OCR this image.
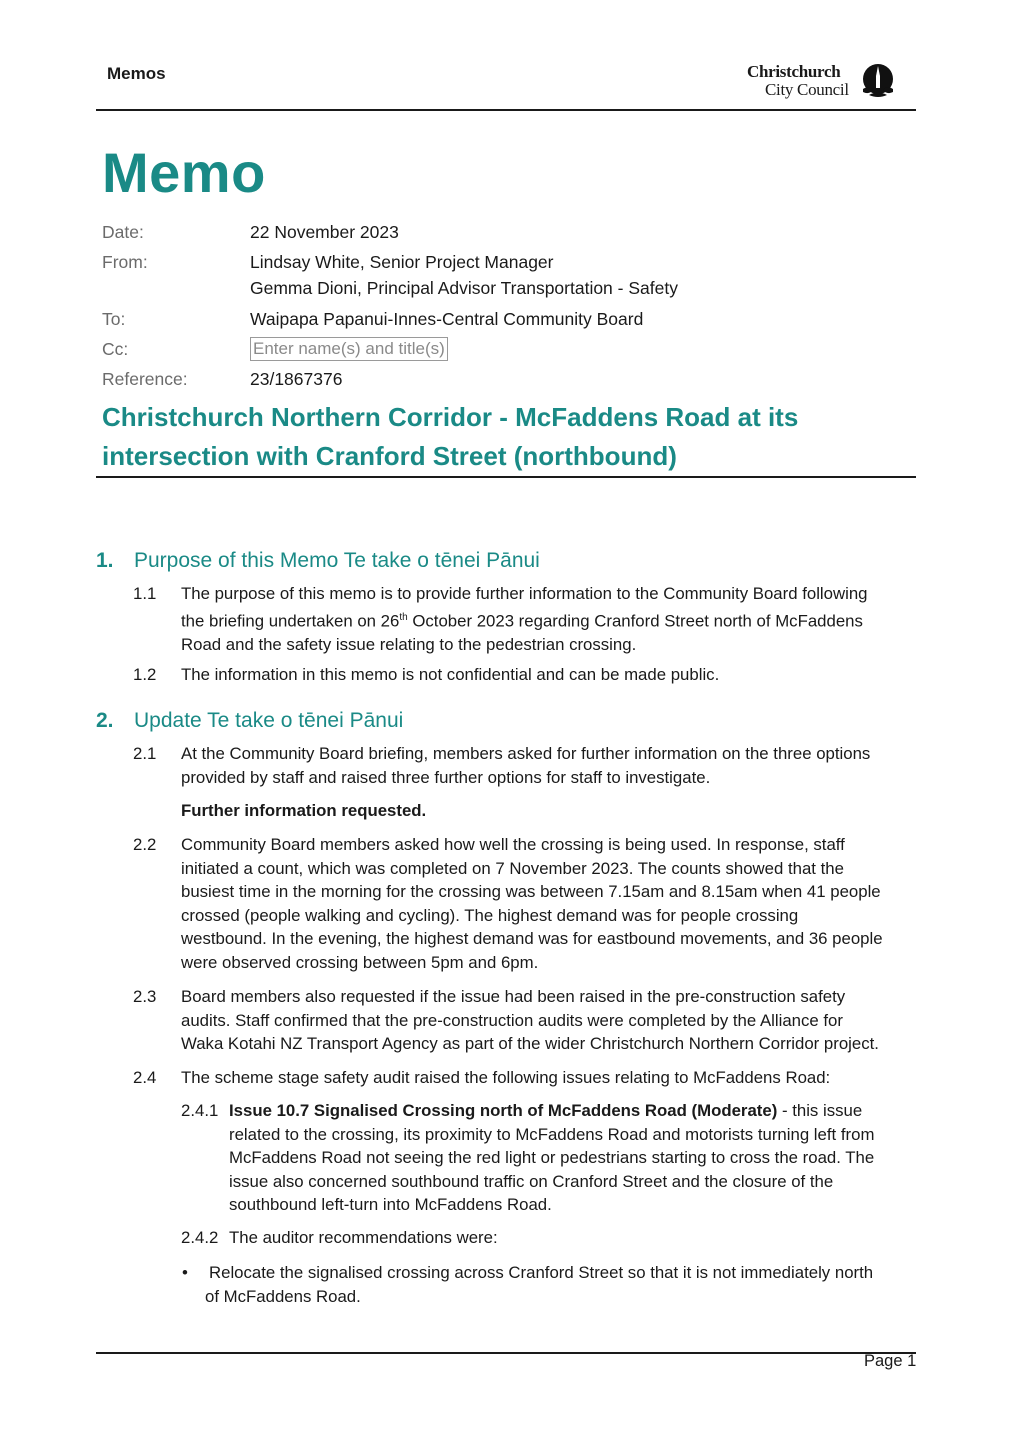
Memos	Christchurch
City Council
Memo
Date:	22 November 2023
From:	Lindsay White, Senior Project Manager
Gemma Dioni, Principal Advisor Transportation - Safety
To:	Waipapa Papanui-Innes-Central Community Board
Cc:	Enter name(s) and title(s)
Reference:	23/1867376
Christchurch Northern Corridor - McFaddens Road at its
intersection with Cranford Street (northbound)
1. Purpose of this Memo Te take o tēnei Pānui
1.1 The purpose of this memo is to provide further information to the Community Board following
the briefing undertaken on 26th October 2023 regarding Cranford Street north of McFaddens
Road and the safety issue relating to the pedestrian crossing.
1.2 The information in this memo is not confidential and can be made public.
2. Update Te take o tēnei Pānui
2.1 At the Community Board briefing, members asked for further information on the three options
provided by staff and raised three further options for staff to investigate.
Further information requested.
2.2 Community Board members asked how well the crossing is being used. In response, staff
initiated a count, which was completed on 7 November 2023. The counts showed that the
busiest time in the morning for the crossing was between 7.15am and 8.15am when 41 people
crossed (people walking and cycling). The highest demand was for people crossing
westbound. In the evening, the highest demand was for eastbound movements, and 36 people
were observed crossing between 5pm and 6pm.
2.3 Board members also requested if the issue had been raised in the pre-construction safety
audits. Staff confirmed that the pre-construction audits were completed by the Alliance for
Waka Kotahi NZ Transport Agency as part of the wider Christchurch Northern Corridor project.
2.4 The scheme stage safety audit raised the following issues relating to McFaddens Road:
2.4.1 Issue 10.7 Signalised Crossing north of McFaddens Road (Moderate) - this issue
related to the crossing, its proximity to McFaddens Road and motorists turning left from
McFaddens Road not seeing the red light or pedestrians starting to cross the road. The
issue also concerned southbound traffic on Cranford Street and the closure of the
southbound left-turn into McFaddens Road.
2.4.2 The auditor recommendations were:
• Relocate the signalised crossing across Cranford Street so that it is not immediately north
of McFaddens Road.
Page 1
